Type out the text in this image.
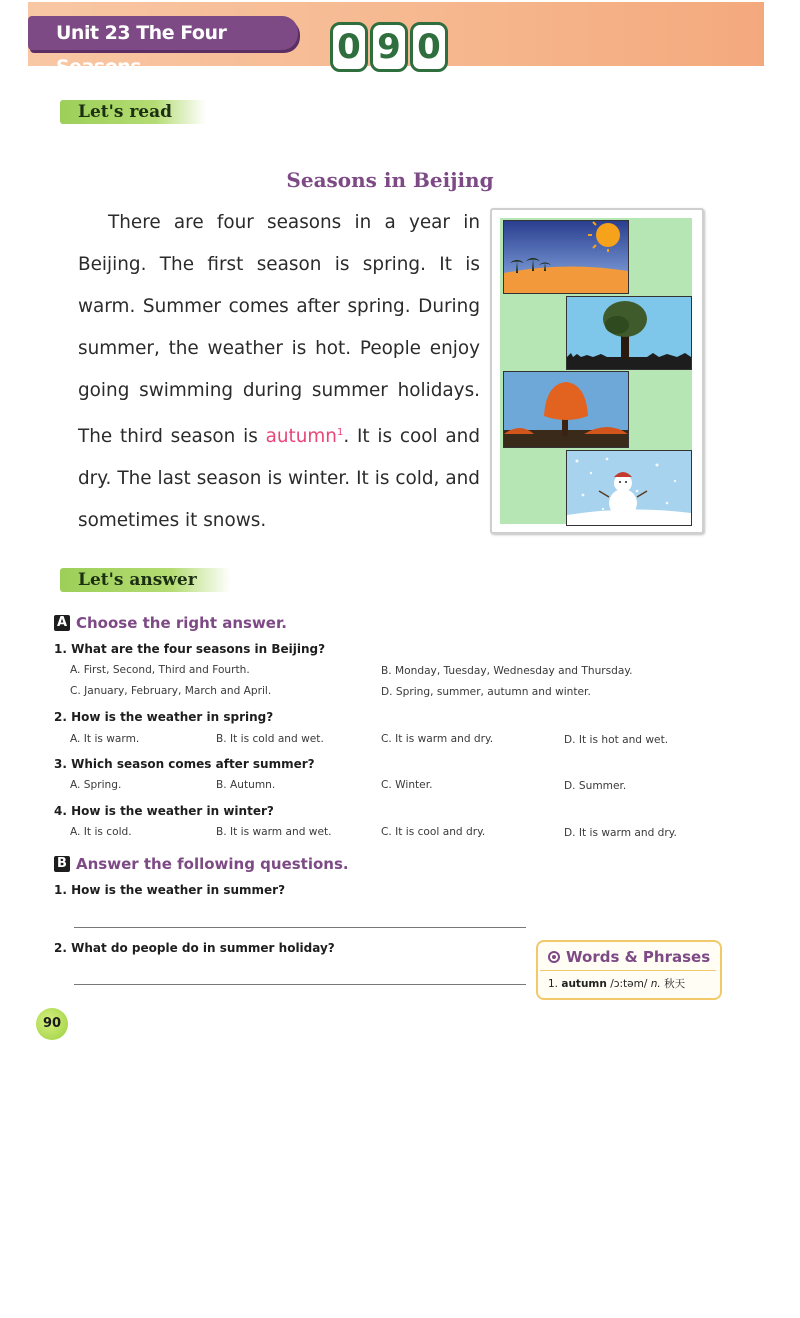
Unit 23 The Four Seasons	0 9 0
Let's read
Seasons in Beijing
There are four seasons in a year in
Beijing. The first season is spring. It is
warm. Summer comes after spring. During
summer, the weather is hot. People enjoy
going swimming during summer holidays.
The third season is autumn$^1$. It is cool and
dry. The last season is winter. It is cold, and
sometimes it snows.
Let's answer
A Choose the right answer.
1. What are the four seasons in Beijing?
A. First, Second, Third and Fourth.	B. Monday, Tuesday, Wednesday and Thursday.
C. January, February, March and April.	D. Spring, summer, autumn and winter.
2. How is the weather in spring?
A. It is warm.	B. It is cold and wet.	C. It is warm and dry.	D. It is hot and wet.
3. Which season comes after summer?
A. Spring.	B. Autumn.	C. Winter.	D. Summer.
4. How is the weather in winter?
A. It is cold.	B. It is warm and wet.	C. It is cool and dry.	D. It is warm and dry.
B Answer the following questions.
1. How is the weather in summer?
2. What do people do in summer holiday?	Words & Phrases
1. autumn /ɔ:təm/ n. 秋天
90
